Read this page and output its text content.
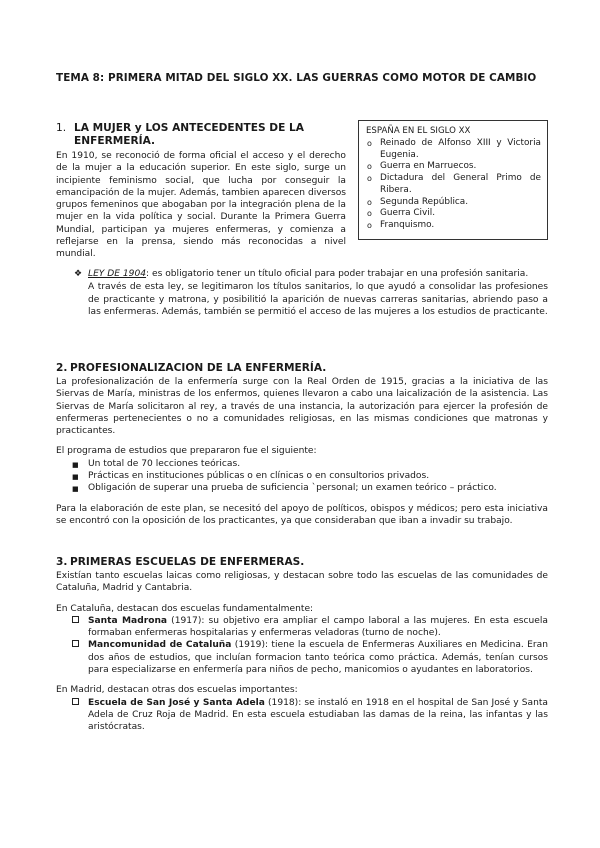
TEMA 8: PRIMERA MITAD DEL SIGLO XX. LAS GUERRAS COMO MOTOR DE CAMBIO
ESPAÑA EN EL SIGLO XX
o Reinado de Alfonso XIII y Victoria Eugenia.
o Guerra en Marruecos.
o Dictadura del General Primo de Ribera.
o Segunda República.
o Guerra Civil.
o Franquismo.
1. LA MUJER y LOS ANTECEDENTES DE LA ENFERMERÍA.

En 1910, se reconoció de forma oficial el acceso y el derecho de la mujer a la educación superior. En este siglo, surge un incipiente feminismo social, que lucha por conseguir la emancipación de la mujer. Además, tambien aparecen diversos grupos femeninos que abogaban por la integración plena de la mujer en la vida política y social. Durante la Primera Guerra Mundial, participan ya mujeres enfermeras, y comienza a reflejarse en la prensa, siendo más reconocidas a nivel mundial.

❖ LEY DE 1904: es obligatorio tener un título oficial para poder trabajar en una profesión sanitaria.

A través de esta ley, se legitimaron los títulos sanitarios, lo que ayudó a consolidar las profesiones de practicante y matrona, y posibilitió la aparición de nuevas carreras sanitarias, abriendo paso a las enfermeras. Además, también se permitió el acceso de las mujeres a los estudios de practicante.

2. PROFESIONALIZACION DE LA ENFERMERÍA.

La profesionalización de la enfermería surge con la Real Orden de 1915, gracias a la iniciativa de las Siervas de María, ministras de los enfermos, quienes llevaron a cabo una laicalización de la asistencia. Las Siervas de María solicitaron al rey, a través de una instancia, la autorización para ejercer la profesión de enfermeras pertenecientes o no a comunidades religiosas, en las mismas condiciones que matronas y practicantes.

El programa de estudios que prepararon fue el siguiente:

■ Un total de 70 lecciones teóricas.
■ Prácticas en instituciones públicas o en clínicas o en consultorios privados.
■ Obligación de superar una prueba de suficiencia `personal; un examen teórico – práctico.

Para la elaboración de este plan, se necesitó del apoyo de políticos, obispos y médicos; pero esta iniciativa se encontró con la oposición de los practicantes, ya que consideraban que iban a invadir su trabajo.

3. PRIMERAS ESCUELAS DE ENFERMERAS.

Existían tanto escuelas laicas como religiosas, y destacan sobre todo las escuelas de las comunidades de Cataluña, Madrid y Cantabria.

En Cataluña, destacan dos escuelas fundamentalmente:

Santa Madrona (1917): su objetivo era ampliar el campo laboral a las mujeres. En esta escuela formaban enfermeras hospitalarias y enfermeras veladoras (turno de noche).
Mancomunidad de Cataluña (1919): tiene la escuela de Enfermeras Auxiliares en Medicina. Eran dos años de estudios, que incluían formacion tanto teórica como práctica. Además, tenían cursos para especializarse en enfermería para niños de pecho, manicomios o ayudantes en laboratorios.

En Madrid, destacan otras dos escuelas importantes:

Escuela de San José y Santa Adela (1918): se instaló en 1918 en el hospital de San José y Santa Adela de Cruz Roja de Madrid. En esta escuela estudiaban las damas de la reina, las infantas y las aristócratas.
